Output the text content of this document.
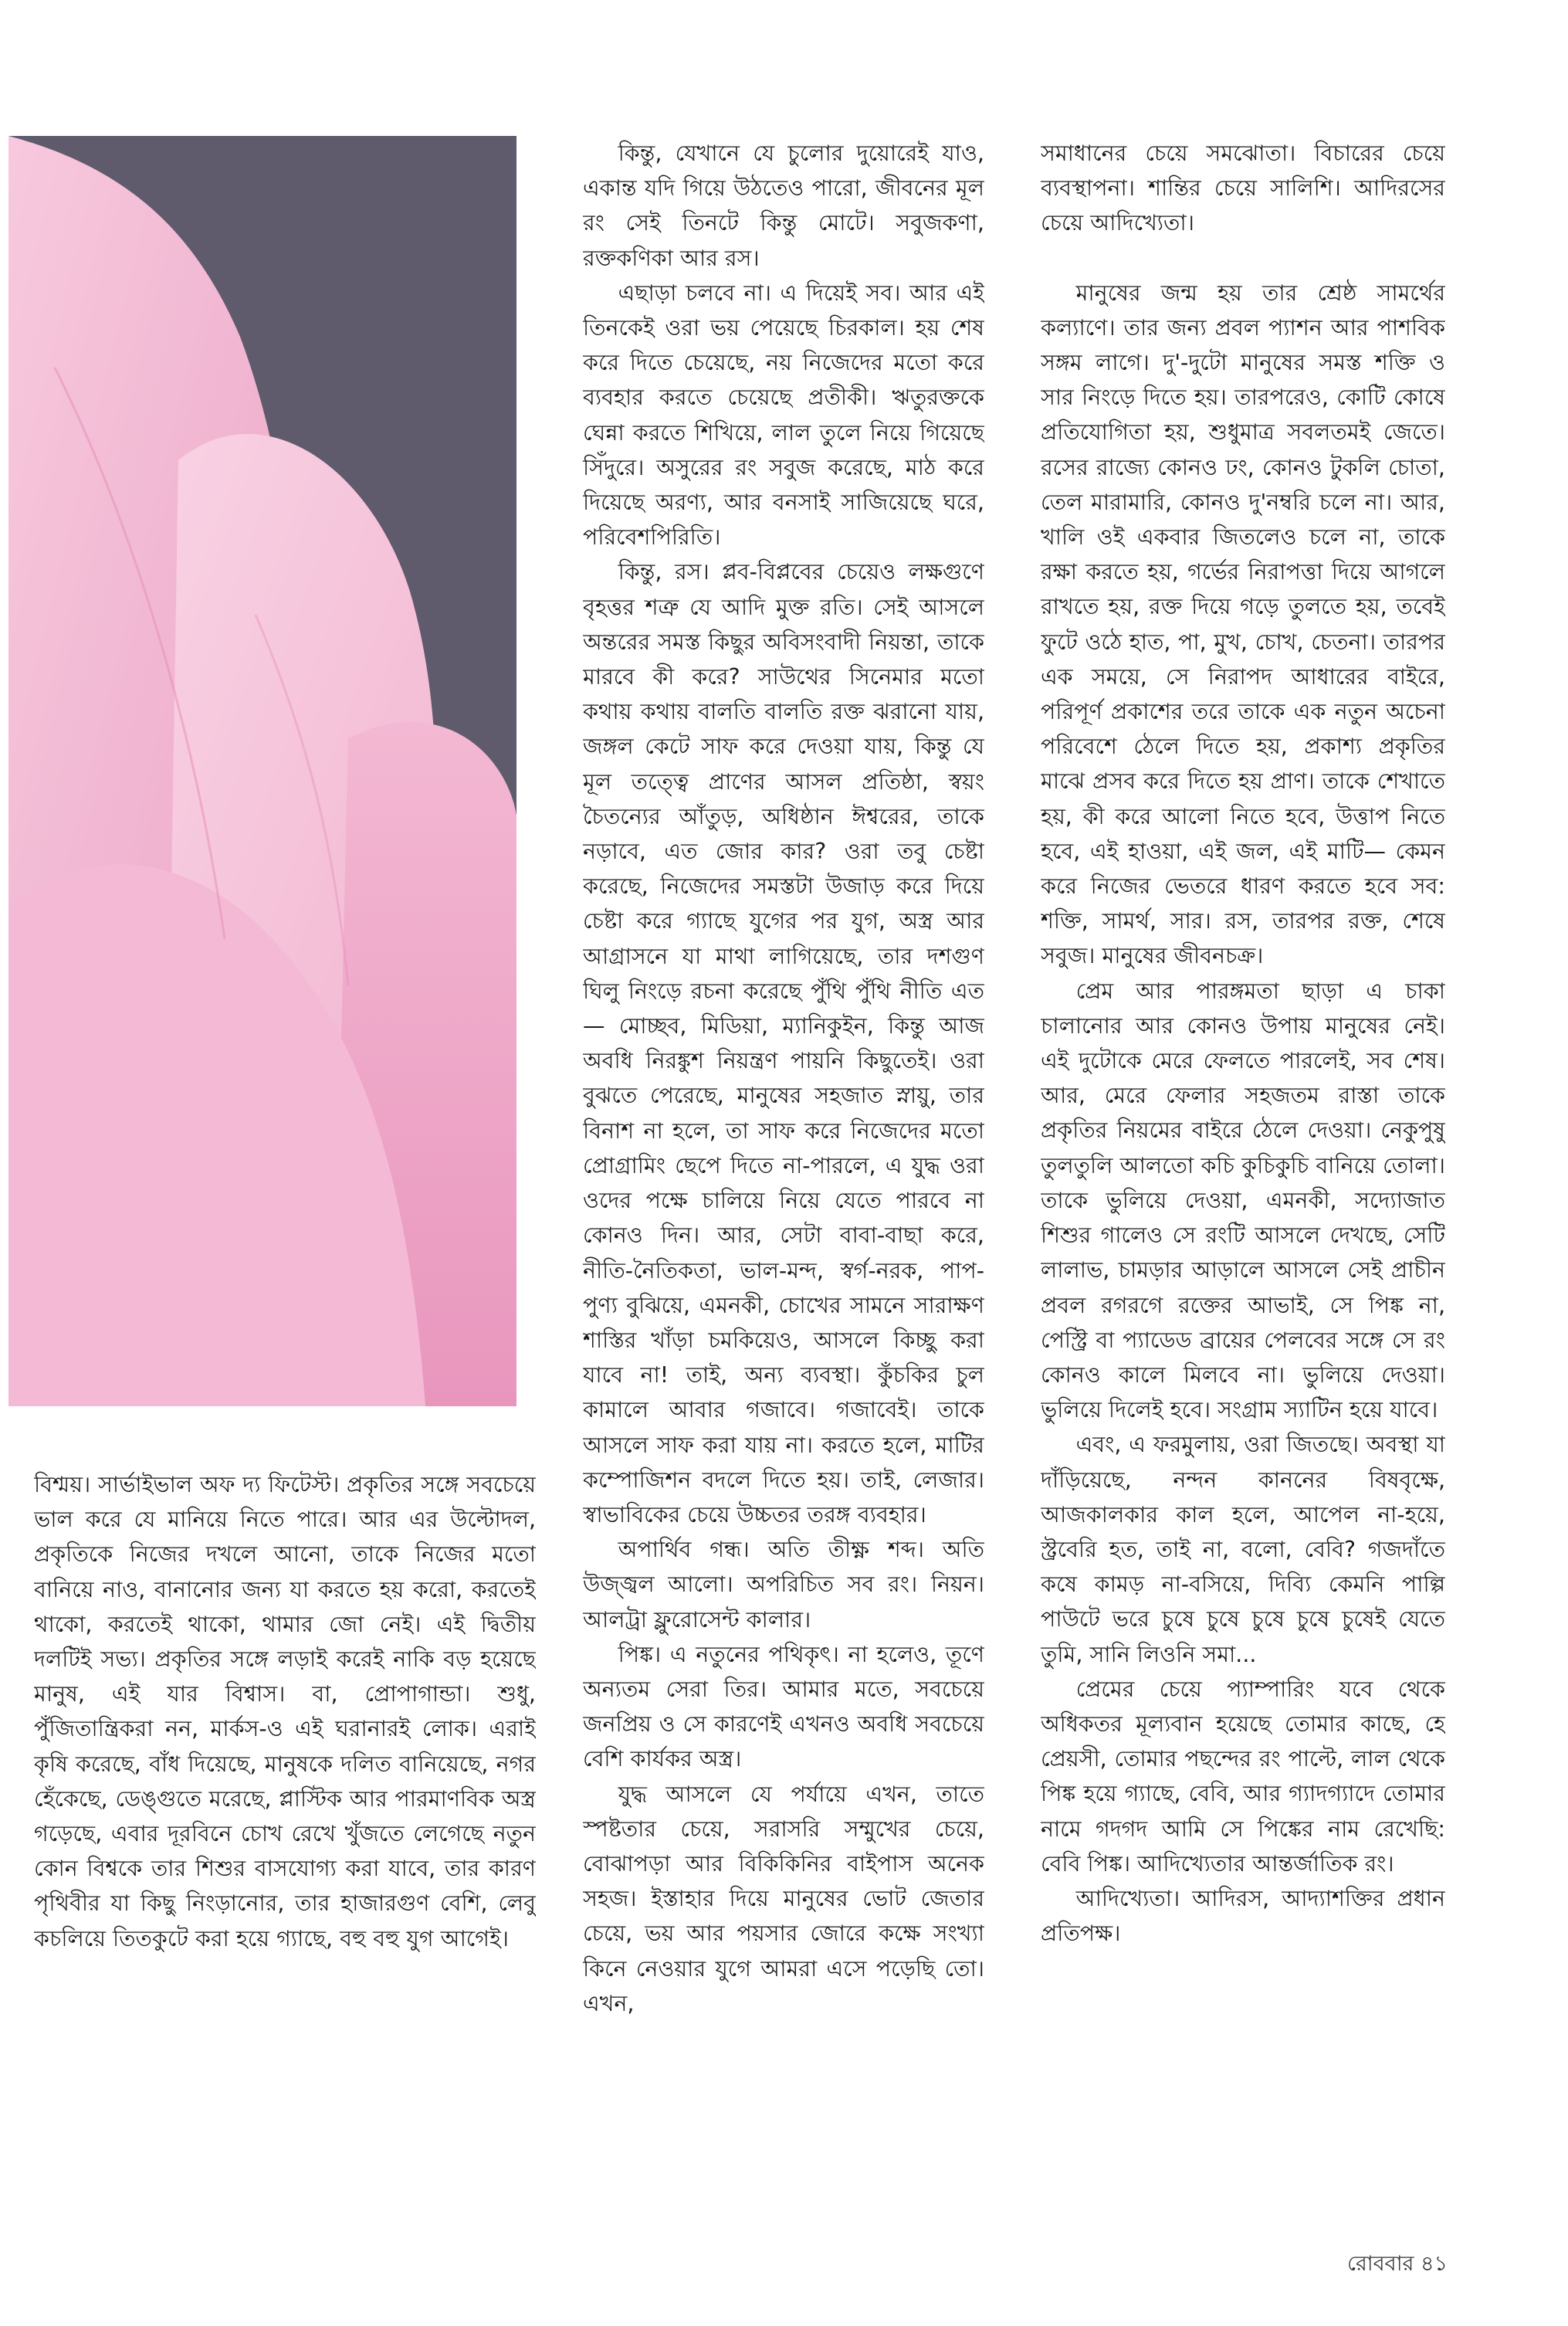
বিশ্ময়। সার্ভাইভাল অফ দ্য ফিটেস্ট। প্রকৃতির সঙ্গে সবচেয়ে ভাল করে যে মানিয়ে নিতে পারে। আর এর উল্টোদল, প্রকৃতিকে নিজের দখলে আনো, তাকে নিজের মতো বানিয়ে নাও, বানানোর জন্য যা করতে হয় করো, করতেই থাকো, করতেই থাকো, থামার জো নেই। এই দ্বিতীয় দলটিই সভ্য। প্রকৃতির সঙ্গে লড়াই করেই নাকি বড় হয়েছে মানুষ, এই যার বিশ্বাস। বা, প্রোপাগান্ডা। শুধু, পুঁজিতান্ত্রিকরা নন, মার্কস-ও এই ঘরানারই লোক। এরাই কৃষি করেছে, বাঁধ দিয়েছে, মানুষকে দলিত বানিয়েছে, নগর হেঁকেছে, ডেঙ্গুতে মরেছে, প্লাস্টিক আর পারমাণবিক অস্ত্র গড়েছে, এবার দূরবিনে চোখ রেখে খুঁজতে লেগেছে নতুন কোন বিশ্বকে তার শিশুর বাসযোগ্য করা যাবে, তার কারণ পৃথিবীর যা কিছু নিংড়ানোর, তার হাজারগুণ বেশি, লেবু কচলিয়ে তিতকুটে করা হয়ে গ্যাছে, বহু বহু যুগ আগেই।

কিন্তু, যেখানে যে চুলোর দুয়োরেই যাও, একান্ত যদি গিয়ে উঠতেও পারো, জীবনের মূল রং সেই তিনটে কিন্তু মোটে। সবুজকণা, রক্তকণিকা আর রস।

এছাড়া চলবে না। এ দিয়েই সব। আর এই তিনকেই ওরা ভয় পেয়েছে চিরকাল। হয় শেষ করে দিতে চেয়েছে, নয় নিজেদের মতো করে ব্যবহার করতে চেয়েছে প্রতীকী। ঋতুরক্তকে ঘেন্না করতে শিখিয়ে, লাল তুলে নিয়ে গিয়েছে সিঁদুরে। অসুরের রং সবুজ করেছে, মাঠ করে দিয়েছে অরণ্য, আর বনসাই সাজিয়েছে ঘরে, পরিবেশপিরিতি।

কিন্তু, রস। প্লব-বিপ্লবের চেয়েও লক্ষগুণে বৃহত্তর শত্রু যে আদি মুক্ত রতি। সেই আসলে অন্তরের সমস্ত কিছুর অবিসংবাদী নিয়ন্তা, তাকে মারবে কী করে? সাউথের সিনেমার মতো কথায় কথায় বালতি বালতি রক্ত ঝরানো যায়, জঙ্গল কেটে সাফ করে দেওয়া যায়, কিন্তু যে মূল তত্ত্বে প্রাণের আসল প্রতিষ্ঠা, স্বয়ং চৈতন্যের আঁতুড়, অধিষ্ঠান ঈশ্বরের, তাকে নড়াবে, এত জোর কার? ওরা তবু চেষ্টা করেছে, নিজেদের সমস্তটা উজাড় করে দিয়ে চেষ্টা করে গ্যাছে যুগের পর যুগ, অস্ত্র আর আগ্রাসনে যা মাথা লাগিয়েছে, তার দশগুণ ঘিলু নিংড়ে রচনা করেছে পুঁথি পুঁথি নীতি এত— মোচ্ছব, মিডিয়া, ম্যানিকুইন, কিন্তু আজ অবধি নিরঙ্কুশ নিয়ন্ত্রণ পায়নি কিছুতেই। ওরা বুঝতে পেরেছে, মানুষের সহজাত স্নায়ু, তার বিনাশ না হলে, তা সাফ করে নিজেদের মতো প্রোগ্রামিং ছেপে দিতে না-পারলে, এ যুদ্ধ ওরা ওদের পক্ষে চালিয়ে নিয়ে যেতে পারবে না কোনও দিন। আর, সেটা বাবা-বাছা করে, নীতি-নৈতিকতা, ভাল-মন্দ, স্বর্গ-নরক, পাপ-পুণ্য বুঝিয়ে, এমনকী, চোখের সামনে সারাক্ষণ শাস্তির খাঁড়া চমকিয়েও, আসলে কিচ্ছু করা যাবে না! তাই, অন্য ব্যবস্থা। কুঁচকির চুল কামালে আবার গজাবে। গজাবেই। তাকে আসলে সাফ করা যায় না। করতে হলে, মাটির কম্পোজিশন বদলে দিতে হয়। তাই, লেজার। স্বাভাবিকের চেয়ে উচ্চতর তরঙ্গ ব্যবহার।

অপার্থিব গন্ধ। অতি তীক্ষ্ণ শব্দ। অতি উজ্জ্বল আলো। অপরিচিত সব রং। নিয়ন। আলট্রা ফ্লুরোসেন্ট কালার।

পিঙ্ক। এ নতুনের পথিকৃৎ। না হলেও, তূণে অন্যতম সেরা তির। আমার মতে, সবচেয়ে জনপ্রিয় ও সে কারণেই এখনও অবধি সবচেয়ে বেশি কার্যকর অস্ত্র।

যুদ্ধ আসলে যে পর্যায়ে এখন, তাতে স্পষ্টতার চেয়ে, সরাসরি সম্মুখের চেয়ে, বোঝাপড়া আর বিকিকিনির বাইপাস অনেক সহজ। ইস্তাহার দিয়ে মানুষের ভোট জেতার চেয়ে, ভয় আর পয়সার জোরে কক্ষে সংখ্যা কিনে নেওয়ার যুগে আমরা এসে পড়েছি তো। এখন,

সমাধানের চেয়ে সমঝোতা। বিচারের চেয়ে ব্যবস্থাপনা। শান্তির চেয়ে সালিশি। আদিরসের চেয়ে আদিখ্যেতা।

মানুষের জন্ম হয় তার শ্রেষ্ঠ সামর্থের কল্যাণে। তার জন্য প্রবল প্যাশন আর পাশবিক সঙ্গম লাগে। দু'-দুটো মানুষের সমস্ত শক্তি ও সার নিংড়ে দিতে হয়। তারপরেও, কোটি কোষে প্রতিযোগিতা হয়, শুধুমাত্র সবলতমই জেতে। রসের রাজ্যে কোনও ঢং, কোনও টুকলি চোতা, তেল মারামারি, কোনও দু'নম্বরি চলে না। আর, খালি ওই একবার জিতলেও চলে না, তাকে রক্ষা করতে হয়, গর্ভের নিরাপত্তা দিয়ে আগলে রাখতে হয়, রক্ত দিয়ে গড়ে তুলতে হয়, তবেই ফুটে ওঠে হাত, পা, মুখ, চোখ, চেতনা। তারপর এক সময়ে, সে নিরাপদ আধারের বাইরে, পরিপূর্ণ প্রকাশের তরে তাকে এক নতুন অচেনা পরিবেশে ঠেলে দিতে হয়, প্রকাশ্য প্রকৃতির মাঝে প্রসব করে দিতে হয় প্রাণ। তাকে শেখাতে হয়, কী করে আলো নিতে হবে, উত্তাপ নিতে হবে, এই হাওয়া, এই জল, এই মাটি— কেমন করে নিজের ভেতরে ধারণ করতে হবে সব: শক্তি, সামর্থ, সার। রস, তারপর রক্ত, শেষে সবুজ। মানুষের জীবনচক্র।

প্রেম আর পারঙ্গমতা ছাড়া এ চাকা চালানোর আর কোনও উপায় মানুষের নেই। এই দুটোকে মেরে ফেলতে পারলেই, সব শেষ। আর, মেরে ফেলার সহজতম রাস্তা তাকে প্রকৃতির নিয়মের বাইরে ঠেলে দেওয়া। নেকুপুষু তুলতুলি আলতো কচি কুচিকুচি বানিয়ে তোলা। তাকে ভুলিয়ে দেওয়া, এমনকী, সদ্যোজাত শিশুর গালেও সে রংটি আসলে দেখছে, সেটি লালাভ, চামড়ার আড়ালে আসলে সেই প্রাচীন প্রবল রগরগে রক্তের আভাই, সে পিঙ্ক না, পেস্ট্রি বা প্যাডেড ব্রায়ের পেলবের সঙ্গে সে রং কোনও কালে মিলবে না। ভুলিয়ে দেওয়া। ভুলিয়ে দিলেই হবে। সংগ্রাম স্যাটিন হয়ে যাবে।

এবং, এ ফরমুলায়, ওরা জিতছে। অবস্থা যা দাঁড়িয়েছে, নন্দন কাননের বিষবৃক্ষে, আজকালকার কাল হলে, আপেল না-হয়ে, স্ট্রবেরি হত, তাই না, বলো, বেবি? গজদাঁতে কষে কামড় না-বসিয়ে, দিব্যি কেমনি পাল্পি পাউটে ভরে চুষে চুষে চুষে চুষে চুষেই যেতে তুমি, সানি লিওনি সমা...

প্রেমের চেয়ে প্যাম্পারিং যবে থেকে অধিকতর মূল্যবান হয়েছে তোমার কাছে, হে প্রেয়সী, তোমার পছন্দের রং পাল্টে, লাল থেকে পিঙ্ক হয়ে গ্যাছে, বেবি, আর গ্যাদগ্যাদে তোমার নামে গদগদ আমি সে পিঙ্কের নাম রেখেছি: বেবি পিঙ্ক। আদিখ্যেতার আন্তর্জাতিক রং।

আদিখ্যেতা। আদিরস, আদ্যাশক্তির প্রধান প্রতিপক্ষ।

রোববার ৪১
